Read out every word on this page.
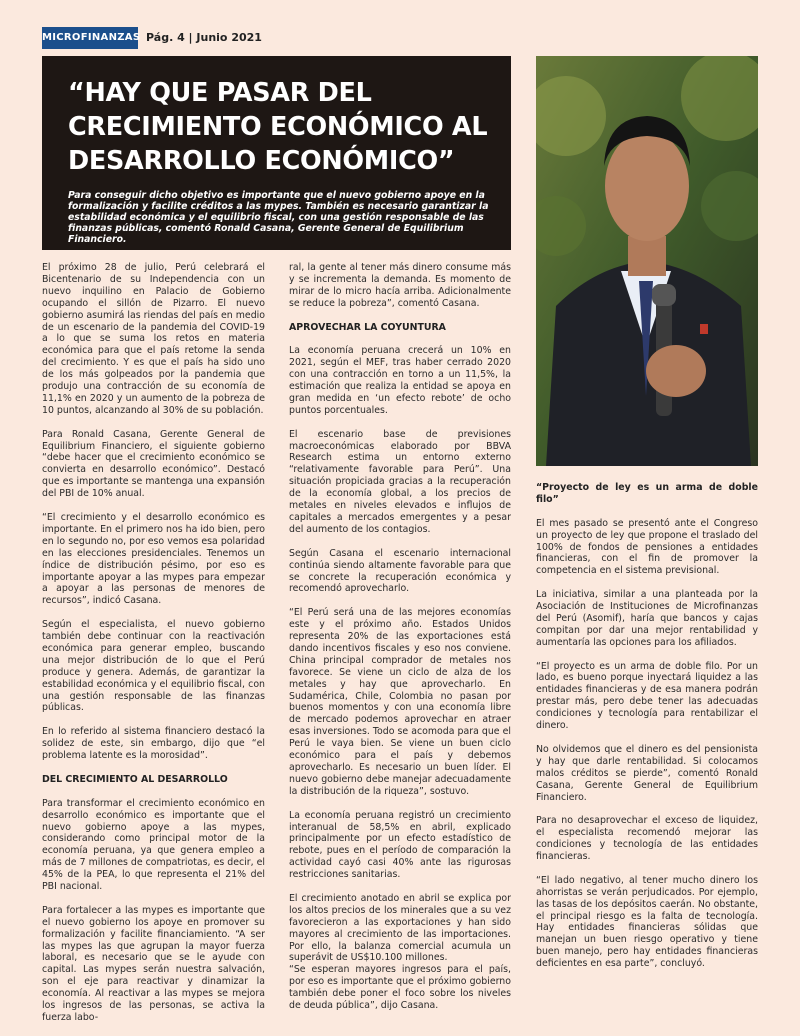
MICROFINANZAS Pág. 4 | Junio 2021
“HAY QUE PASAR DEL CRECIMIENTO ECONÓMICO AL DESARROLLO ECONÓMICO”

Para conseguir dicho objetivo es importante que el nuevo gobierno apoye en la formalización y facilite créditos a las mypes. También es necesario garantizar la estabilidad económica y el equilibrio fiscal, con una gestión responsable de las finanzas públicas, comentó Ronald Casana, Gerente General de Equilibrium Financiero.

El próximo 28 de julio, Perú celebrará el Bicentenario de su Independencia con un nuevo inquilino en Palacio de Gobierno ocupando el sillón de Pizarro. El nuevo gobierno asumirá las riendas del país en medio de un escenario de la pandemia del COVID-19 a lo que se suma los retos en materia económica para que el país retome la senda del crecimiento. Y es que el país ha sido uno de los más golpeados por la pandemia que produjo una contracción de su economía de 11,1% en 2020 y un aumento de la pobreza de 10 puntos, alcanzando al 30% de su población.

Para Ronald Casana, Gerente General de Equilibrium Financiero, el siguiente gobierno “debe hacer que el crecimiento económico se convierta en desarrollo económico”. Destacó que es importante se mantenga una expansión del PBI de 10% anual.

“El crecimiento y el desarrollo económico es importante. En el primero nos ha ido bien, pero en lo segundo no, por eso vemos esa polaridad en las elecciones presidenciales. Tenemos un índice de distribución pésimo, por eso es importante apoyar a las mypes para empezar a apoyar a las personas de menores de recursos”, indicó Casana.

Según el especialista, el nuevo gobierno también debe continuar con la reactivación económica para generar empleo, buscando una mejor distribución de lo que el Perú produce y genera. Además, de garantizar la estabilidad económica y el equilibrio fiscal, con una gestión responsable de las finanzas públicas.

En lo referido al sistema financiero destacó la solidez de este, sin embargo, dijo que “el problema latente es la morosidad”.

DEL CRECIMIENTO AL DESARROLLO

Para transformar el crecimiento económico en desarrollo económico es importante que el nuevo gobierno apoye a las mypes, considerando como principal motor de la economía peruana, ya que genera empleo a más de 7 millones de compatriotas, es decir, el 45% de la PEA, lo que representa el 21% del PBI nacional.

Para fortalecer a las mypes es importante que el nuevo gobierno los apoye en promover su formalización y facilite financiamiento. “A ser las mypes las que agrupan la mayor fuerza laboral, es necesario que se le ayude con capital. Las mypes serán nuestra salvación, son el eje para reactivar y dinamizar la economía. Al reactivar a las mypes se mejora los ingresos de las personas, se activa la fuerza labo-

ral, la gente al tener más dinero consume más y se incrementa la demanda. Es momento de mirar de lo micro hacía arriba. Adicionalmente se reduce la pobreza”, comentó Casana.

APROVECHAR LA COYUNTURA

La economía peruana crecerá un 10% en 2021, según el MEF, tras haber cerrado 2020 con una contracción en torno a un 11,5%, la estimación que realiza la entidad se apoya en gran medida en ‘un efecto rebote’ de ocho puntos porcentuales.

El escenario base de previsiones macroeconómicas elaborado por BBVA Research estima un entorno externo “relativamente favorable para Perú”. Una situación propiciada gracias a la recuperación de la economía global, a los precios de metales en niveles elevados e influjos de capitales a mercados emergentes y a pesar del aumento de los contagios.

Según Casana el escenario internacional continúa siendo altamente favorable para que se concrete la recuperación económica y recomendó aprovecharlo.

“El Perú será una de las mejores economías este y el próximo año. Estados Unidos representa 20% de las exportaciones está dando incentivos fiscales y eso nos conviene. China principal comprador de metales nos favorece. Se viene un ciclo de alza de los metales y hay que aprovecharlo. En Sudamérica, Chile, Colombia no pasan por buenos momentos y con una economía libre de mercado podemos aprovechar en atraer esas inversiones. Todo se acomoda para que el Perú le vaya bien. Se viene un buen ciclo económico para el país y debemos aprovecharlo. Es necesario un buen líder. El nuevo gobierno debe manejar adecuadamente la distribución de la riqueza”, sostuvo.

La economía peruana registró un crecimiento interanual de 58,5% en abril, explicado principalmente por un efecto estadístico de rebote, pues en el período de comparación la actividad cayó casi 40% ante las rigurosas restricciones sanitarias.

El crecimiento anotado en abril se explica por los altos precios de los minerales que a su vez favorecieron a las exportaciones y han sido mayores al crecimiento de las importaciones. Por ello, la balanza comercial acumula un superávit de US$10.100 millones.

“Se esperan mayores ingresos para el país, por eso es importante que el próximo gobierno también debe poner el foco sobre los niveles de deuda pública”, dijo Casana.

“Proyecto de ley es un arma de doble filo”

El mes pasado se presentó ante el Congreso un proyecto de ley que propone el traslado del 100% de fondos de pensiones a entidades financieras, con el fin de promover la competencia en el sistema previsional.

La iniciativa, similar a una planteada por la Asociación de Instituciones de Microfinanzas del Perú (Asomif), haría que bancos y cajas compitan por dar una mejor rentabilidad y aumentaría las opciones para los afiliados.

“El proyecto es un arma de doble filo. Por un lado, es bueno porque inyectará liquidez a las entidades financieras y de esa manera podrán prestar más, pero debe tener las adecuadas condiciones y tecnología para rentabilizar el dinero.

No olvidemos que el dinero es del pensionista y hay que darle rentabilidad. Si colocamos malos créditos se pierde”, comentó Ronald Casana, Gerente General de Equilibrium Financiero.

Para no desaprovechar el exceso de liquidez, el especialista recomendó mejorar las condiciones y tecnología de las entidades financieras.

“El lado negativo, al tener mucho dinero los ahorristas se verán perjudicados. Por ejemplo, las tasas de los depósitos caerán. No obstante, el principal riesgo es la falta de tecnología. Hay entidades financieras sólidas que manejan un buen riesgo operativo y tiene buen manejo, pero hay entidades financieras deficientes en esa parte”, concluyó.
